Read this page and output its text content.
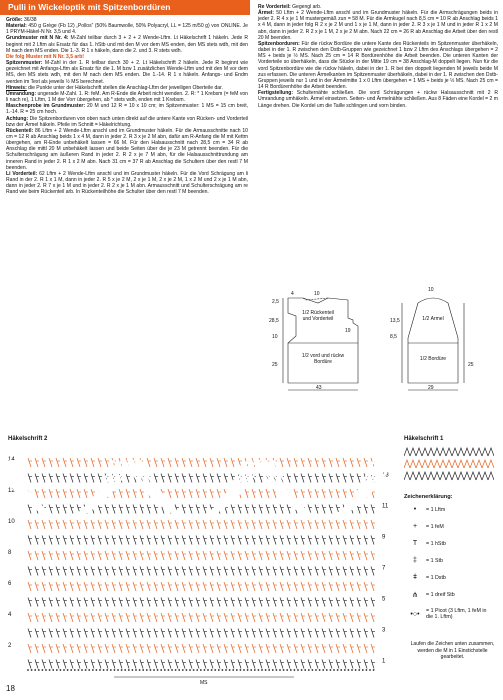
Pulli in Wickeloptik mit Spitzenbordüren

Größe: 36/38

Material: 450 g Grège (Fb 12) „Pollos“ (50% Baumwolle, 50% Polyacryl, LL = 125 m/50 g) von ONLINE. Je 1 PRYM-Häkel-N Nr. 3,5 und 4.

Grundmuster mit N Nr. 4: M-Zahl teilbar durch 3 + 2 + 2 Wende-Lftm. Lt Häkelschrift 1 häkeln. Jede R beginnt mit 2 Lftm als Ersatz für das 1. hStb und mit den M vor dem MS enden, den MS stets wdh, mit den M nach dem MS enden. Die 1.-3. R 1 x häkeln, dann die 2. und 3. R stets wdh.

Die folg Muster mit N Nr. 3,5 arb!

Spitzenmuster: M-Zahl in der 1. R teilbar durch 30 + 2. Lt Häkelschrift 2 häkeln. Jede R beginnt wie gezeichnet mit Anfangs-Lftm als Ersatz für die 1. M bzw 1 zusätzlichen Wende-Lftm und mit den M vor dem MS, den MS stets wdh, mit den M nach dem MS enden. Die 1.-14. R 1 x häkeln. Anfangs- und Endm werden im Text als jeweils ½ MS berechnet.

Hinweis: die Punkte unter der Häkelschrift stellen die Anschlag-Lftm der jeweiligen Oberteile dar.

Umrandung: ungerade M-Zahl. 1. R: feM. Am R-Ende die Arbeit nicht wenden. 2. R: * 1 Krebsm (= feM von li nach re), 1 Lftm, 1 M der Vorr übergehen, ab * stets wdh, enden mit 1 Krebsm.

Maschenprobe im Grundmuster: 20 M und 12 R = 10 x 10 cm; im Spitzenmuster: 1 MS = 15 cm breit, 1.-14. R = 25 cm hoch.

Achtung: Die Spitzenborduren von oben nach unten direkt auf die untere Kante von Rücken- und Vorderteil bzw der Ärmel häkeln. Pfeile im Schnitt = Häkelrichtung.

Rückenteil: 86 Lftm + 2 Wende-Lftm anschl und im Grundmuster häkeln. Für die Armausschnitte nach 10 cm = 12 R ab Anschlag beids 1 x 4 M, dann in jeder 2. R 3 x je 2 M abn, dafür am R-Anfang die M mit Kettm übergehen, am R-Ende unbehäkelt lassen = 66 M. Für den Halsausschnitt nach 28,5 cm = 34 R ab Anschlag die mittl 20 M unbehäkelt lassen und beide Seiten über die je 23 M getrennt beenden. Für die Schulterschrägung am äußeren Rand in jeder 2. R 2 x je 7 M abn, für die Halsausschnittrundung am inneren Rand in jeder 2. R 1 x 2 M abn. Nach 31 cm = 37 R ab Anschlag die Schultern über den restl 7 M beenden.

Li Vorderteil: 62 Lftm + 2 Wende-Lftm anschl und im Grundmuster häkeln. Für die Vord Schrägung am li Rand in der 2. R 1 x 1 M, dann in jeder 2. R 5 x je 2 M, 2 x je 1 M, 2 x je 2 M, 1 x 2 M und 2 x je 1 M abn, dann in jeder 2. R 7 x je 1 M und in jeder 2. R 2 x je 1 M abn. Armausschnitt und Schulterschrägung am re Rand wie beim Rückenteil arb. In Rückenteilhöhe die Schulter über den restl 7 M beenden.

Re Vorderteil: Gegengl arb.

Ärmel: 50 Lftm + 2 Wende-Lftm anschl und im Grundmuster häkeln. Für die Armschrägungen beids in jeder 2. R 4 x je 1 M mustergemäß zun = 58 M. Für die Armkugel nach 8,5 cm = 10 R ab Anschlag beids 1 x 4 M, dann in jeder folg R 2 x je 2 M und 1 x je 1 M, dann in jeder 2. R 3 x je 1 M und in jeder R 1 x 2 M abn, dann in jeder 2. R 2 x je 1 M, 2 x je 2 M abn. Nach 22 cm = 26 R ab Anschlag die Arbeit über den restl 20 M beenden.

Spitzenborduren: Für die rückw Bordüre die untere Kante des Rückenteils im Spitzenmuster überhäkeln, dabei in der 1. R zwischen den Dstb-Gruppen wie gezeichnet 1 bzw 2 Lftm des Anschlags übergehen = 2 MS + beids je ½ MS. Nach 25 cm = 14 R Bordürenhöhe die Arbeit beenden. Die unteren Kanten der Vorderteile so überhäkeln, dass die Stücke in der Mitte 19 cm = 38 Anschlag-M doppelt liegen. Nun für die vord Spitzenbordüre wie die rückw häkeln, dabei in der 1. R bei den doppelt liegenden M jeweils beide M zus erfassen. Die unteren Ärmelkanten im Spitzenmuster überhäkeln, dabei in der 1. R zwischen den Dstb-Gruppen jeweils nur 1 und in der Ärmelmitte 1 x 0 Lftm übergehen = 1 MS + beids je ½ MS. Nach 25 cm = 14 R Bordürenhöhe die Arbeit beenden.

Fertigstellung: Schulternähte schließen. Die vord Schrägungen + rückw Halsausschnitt mit 2 R Umrandung umhäkeln. Ärmel einsetzen. Seiten- und Ärmelnähte schließen. Aus 8 Fäden eine Kordel = 2 m Länge drehen. Die Kordel um die Taille schlingen und vorn binden.

4	10
28,5
2,5
10
25
43
19
1/2 Rückenteil und Vorderteil
1/2 vord und rückw Bordüre
10
13,5
8,5
25
29
1/2 Ärmel
1/2 Bordüre
Häkelschrift 2	Häkelschrift 1
14
12
10
8
6
4
2
13
11
9
7
5
3
1
MS
Zeichenerklärung:
•	= 1 Lftm
+	= 1 feM
T	= 1 hStb
‡	= 1 Stb
ǂ	= 1 Dstb
⋔	= 1 dreif Stb
•○•	= 1 Picot (3 Lftm, 1 feM in die 1. Lftm)
Laufen die Zeichen unten zusammen, werden die M in 1 Einstichstelle gearbeitet.
18
